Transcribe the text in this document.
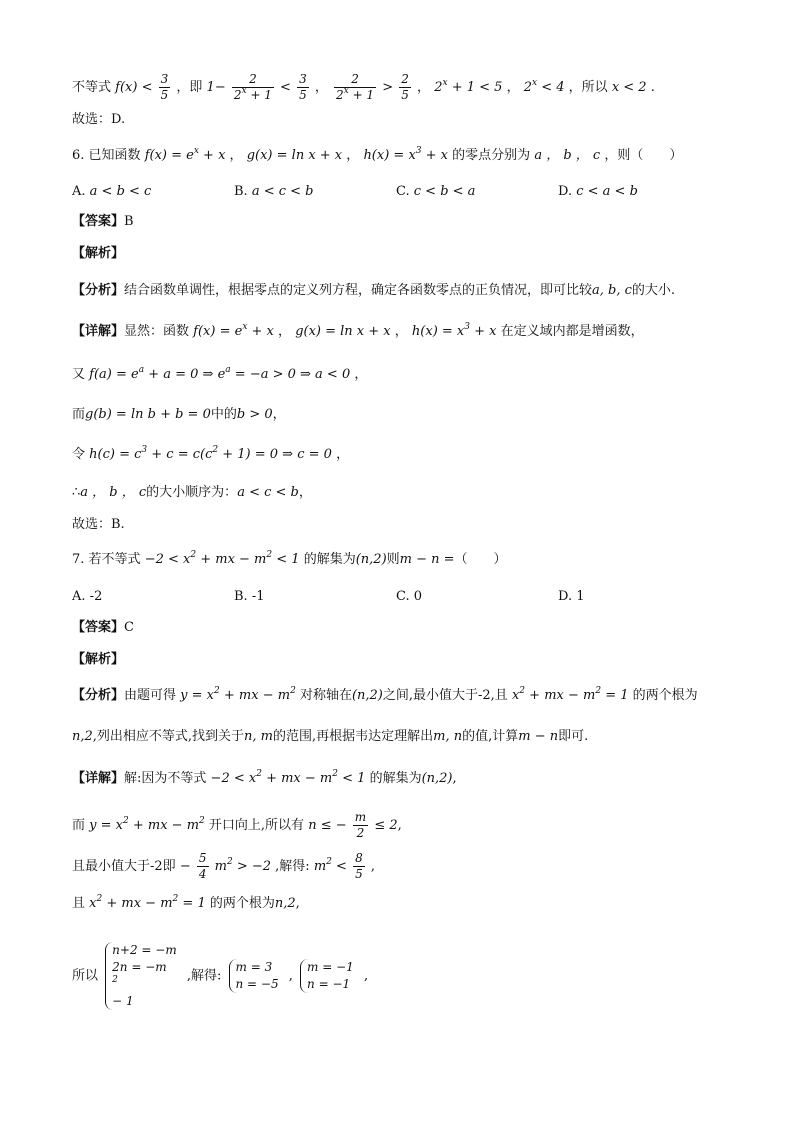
不等式 $f(x) < \frac{3}{5}$ ，即 $1- \frac{2}{2^x + 1} < \frac{3}{5}$ ， $\frac{2}{2^x + 1} > \frac{2}{5}$ ， $2^x + 1 < 5$ ， $2^x < 4$ ，所以 x < 2 .
故选：D.
6. 已知函数 $f(x) = e^x + x$ ， g(x) = ln x + x ， $h(x) = x^3 + x$ 的零点分别为 a ， b ， c ，则（　　）
A. a < b < c	B. a < c < b	C. c < b < a	D. c < a < b
【答案】B
【解析】
【分析】结合函数单调性，根据零点的定义列方程，确定各函数零点的正负情况，即可比较a, b, c的大小.
【详解】显然：函数 $f(x) = e^x + x$ ， g(x) = ln x + x ， $h(x) = x^3 + x$ 在定义域内都是增函数，
又 $f(a) = e^a + a = 0$ ⇒ $e^a = -a > 0$ ⇒ a < 0 ，
而g(b) = ln b + b = 0中的b > 0，
令 $h(c) = c^3 + c = c(c^2 + 1) = 0$ ⇒ c = 0 ，
∴a ， b ， c的大小顺序为：a < c < b，
故选：B.
7. 若不等式 $-2 < x^2$ + mx − $m^2 < 1$ 的解集为(n,2)则m − n =（　　）
A. -2	B. -1	C. 0	D. 1
【答案】C
【解析】
【分析】由题可得 $y = x^2$ + mx − $m^2$ 对称轴在(n,2)之间,最小值大于-2,且 $x^2$ + mx − $m^2 = 1$ 的两个根为
n,2,列出相应不等式,找到关于n, m的范围,再根据韦达定理解出m, n的值,计算m − n即可.
【详解】解:因为不等式 $-2 < x^2$ + mx − $m^2 < 1$ 的解集为(n,2),
而 $y = x^2$ + mx − $m^2$ 开口向上,所以有 n ≤ − $\frac{m}{2} \le 2$,
且最小值大于-2即 − $\frac{5}{4} m^2 > -2$ ,解得: $m^2 < \frac{8}{5}$ ,
且 $x^2$ + mx − $m^2 = 1$ 的两个根为n,2,
所以
n+2 = −m
2n = −m
$^2$
− 1
,解得:
m = 3
n = −5
,
m = −1
n = −1
,
